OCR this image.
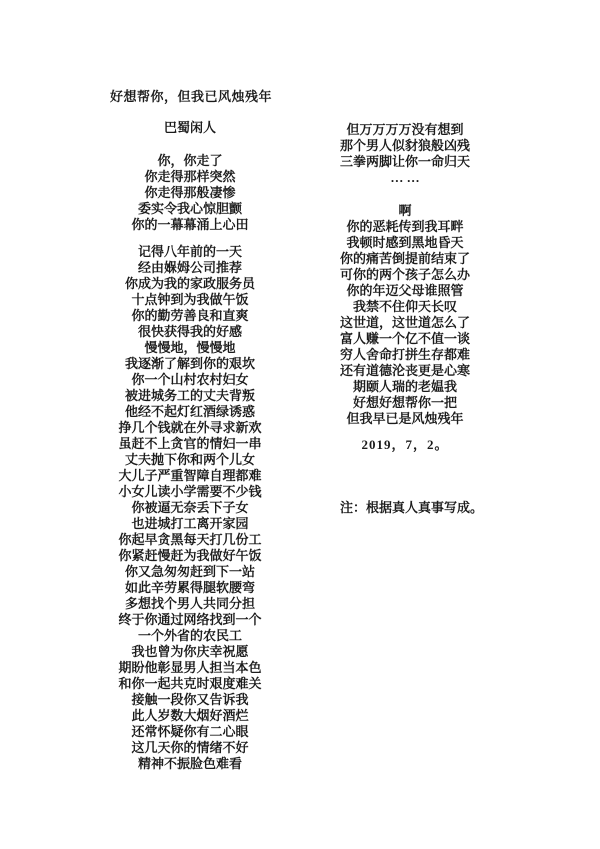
好想帮你，但我已风烛残年
巴蜀闲人
你，你走了
你走得那样突然
你走得那般凄惨
委实令我心惊胆颤
你的一幕幕涌上心田
记得八年前的一天
经由媬姆公司推荐
你成为我的家政服务员
十点钟到为我做午饭
你的勤劳善良和直爽
很快获得我的好感
慢慢地，慢慢地
我逐渐了解到你的艰坎
你一个山村农村妇女
被进城务工的丈夫背叛
他经不起灯红酒绿诱惑
挣几个钱就在外寻求新欢
虽赶不上贪官的情妇一串
丈夫抛下你和两个儿女
大儿子严重智障自理都难
小女儿读小学需要不少钱
你被逼无奈丢下子女
也进城打工离开家园
你起早贪黑每天打几份工
你紧赶慢赶为我做好午饭
你又急匆匆赶到下一站
如此辛劳累得腿软腰弯
多想找个男人共同分担
终于你通过网络找到一个
一个外省的农民工
我也曾为你庆幸祝愿
期盼他彰显男人担当本色
和你一起共克时艰度难关
接触一段你又告诉我
此人岁数大烟好酒烂
还常怀疑你有二心眼
这几天你的情绪不好
精神不振脸色难看
但万万万万没有想到
那个男人似豺狼般凶残
三拳两脚让你一命归天
… …
啊
你的恶耗传到我耳畔
我顿时感到黑地昏天
你的痛苦倒提前结束了
可你的两个孩子怎么办
你的年迈父母谁照管
我禁不住仰天长叹
这世道，这世道怎么了
富人赚一个亿不值一谈
穷人舍命打拼生存都难
还有道德沦丧更是心寒
期颐人瑞的老媪我
好想好想帮你一把
但我早已是风烛残年
2019，7，2。
注：根据真人真事写成。
